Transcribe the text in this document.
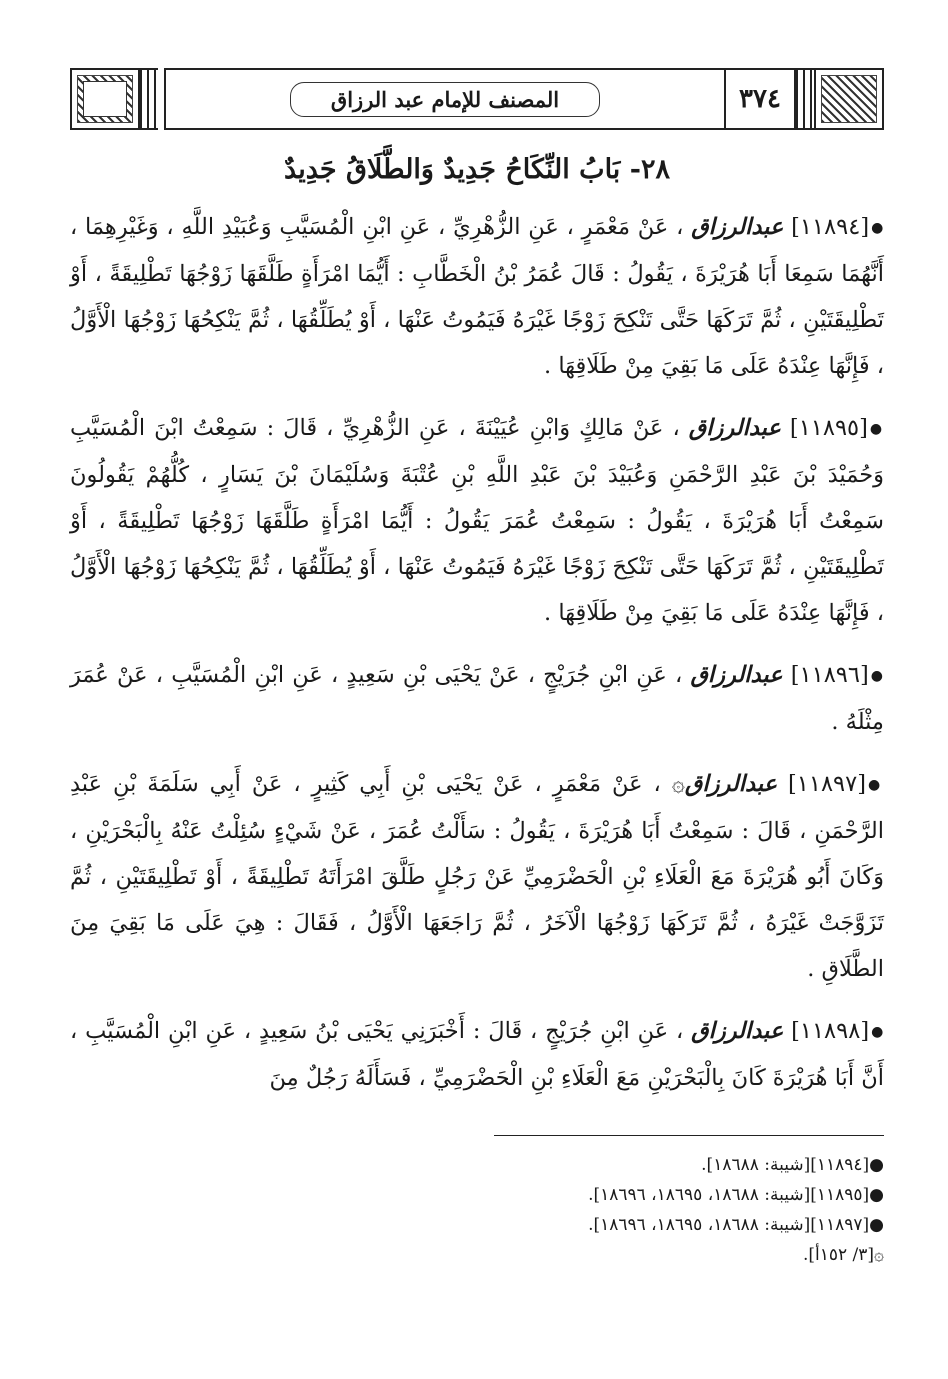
٣٧٤
المصنف للإمام عبد الرزاق
٢٨- بَابُ النِّكَاحُ جَدِيدٌ وَالطَّلَاقُ جَدِيدٌ

●[١١٨٩٤] عبدالرزاق ، عَنْ مَعْمَرٍ ، عَنِ الزُّهْرِيِّ ، عَنِ ابْنِ الْمُسَيَّبِ وَعُبَيْدِ اللَّهِ ، وَغَيْرِهِمَا ، أَنَّهُمَا سَمِعَا أَبَا هُرَيْرَةَ ، يَقُولُ : قَالَ عُمَرُ بْنُ الْخَطَّابِ : أَيُّمَا امْرَأَةٍ طَلَّقَهَا زَوْجُهَا تَطْلِيقَةً ، أَوْ تَطْلِيقَتَيْنِ ، ثُمَّ تَرَكَهَا حَتَّى تَنْكِحَ زَوْجًا غَيْرَهُ فَيَمُوتُ عَنْهَا ، أَوْ يُطَلِّقُهَا ، ثُمَّ يَنْكِحُهَا زَوْجُهَا الْأَوَّلُ ، فَإِنَّهَا عِنْدَهُ عَلَى مَا بَقِيَ مِنْ طَلَاقِهَا .

●[١١٨٩٥] عبدالرزاق ، عَنْ مَالِكٍ وَابْنِ عُيَيْنَةَ ، عَنِ الزُّهْرِيِّ ، قَالَ : سَمِعْتُ ابْنَ الْمُسَيَّبِ وَحُمَيْدَ بْنَ عَبْدِ الرَّحْمَنِ وَعُبَيْدَ بْنَ عَبْدِ اللَّهِ بْنِ عُتْبَةَ وَسُلَيْمَانَ بْنَ يَسَارٍ ، كُلُّهُمْ يَقُولُونَ سَمِعْتُ أَبَا هُرَيْرَةَ ، يَقُولُ : سَمِعْتُ عُمَرَ يَقُولُ : أَيُّمَا امْرَأَةٍ طَلَّقَهَا زَوْجُهَا تَطْلِيقَةً ، أَوْ تَطْلِيقَتَيْنِ ، ثُمَّ تَرَكَهَا حَتَّى تَنْكِحَ زَوْجًا غَيْرَهُ فَيَمُوتُ عَنْهَا ، أَوْ يُطَلِّقُهَا ، ثُمَّ يَنْكِحُهَا زَوْجُهَا الْأَوَّلُ ، فَإِنَّهَا عِنْدَهُ عَلَى مَا بَقِيَ مِنْ طَلَاقِهَا .

●[١١٨٩٦] عبدالرزاق ، عَنِ ابْنِ جُرَيْجٍ ، عَنْ يَحْيَى بْنِ سَعِيدٍ ، عَنِ ابْنِ الْمُسَيَّبِ ، عَنْ عُمَرَ مِثْلَهُ .

●[١١٨٩٧] عبدالرزاق۞ ، عَنْ مَعْمَرٍ ، عَنْ يَحْيَى بْنِ أَبِي كَثِيرٍ ، عَنْ أَبِي سَلَمَةَ بْنِ عَبْدِ الرَّحْمَنِ ، قَالَ : سَمِعْتُ أَبَا هُرَيْرَةَ ، يَقُولُ : سَأَلْتُ عُمَرَ ، عَنْ شَيْءٍ سُئِلْتُ عَنْهُ بِالْبَحْرَيْنِ ، وَكَانَ أَبُو هُرَيْرَةَ مَعَ الْعَلَاءِ بْنِ الْحَضْرَمِيِّ عَنْ رَجُلٍ طَلَّقَ امْرَأَتَهُ تَطْلِيقَةً ، أَوْ تَطْلِيقَتَيْنِ ، ثُمَّ تَزَوَّجَتْ غَيْرَهُ ، ثُمَّ تَرَكَهَا زَوْجُهَا الْآخَرُ ، ثُمَّ رَاجَعَهَا الْأَوَّلُ ، فَقَالَ : هِيَ عَلَى مَا بَقِيَ مِنَ الطَّلَاقِ .

●[١١٨٩٨] عبدالرزاق ، عَنِ ابْنِ جُرَيْجٍ ، قَالَ : أَخْبَرَنِي يَحْيَى بْنُ سَعِيدٍ ، عَنِ ابْنِ الْمُسَيَّبِ ، أَنَّ أَبَا هُرَيْرَةَ كَانَ بِالْبَحْرَيْنِ مَعَ الْعَلَاءِ بْنِ الْحَضْرَمِيِّ ، فَسَأَلَهُ رَجُلٌ مِنَ

●[١١٨٩٤][شيبة: ١٨٦٨٨].

●[١١٨٩٥][شيبة: ١٨٦٨٨، ١٨٦٩٥، ١٨٦٩٦].

●[١١٨٩٧][شيبة: ١٨٦٨٨، ١٨٦٩٥، ١٨٦٩٦].

۞[٣/ ١٥٢أ].
